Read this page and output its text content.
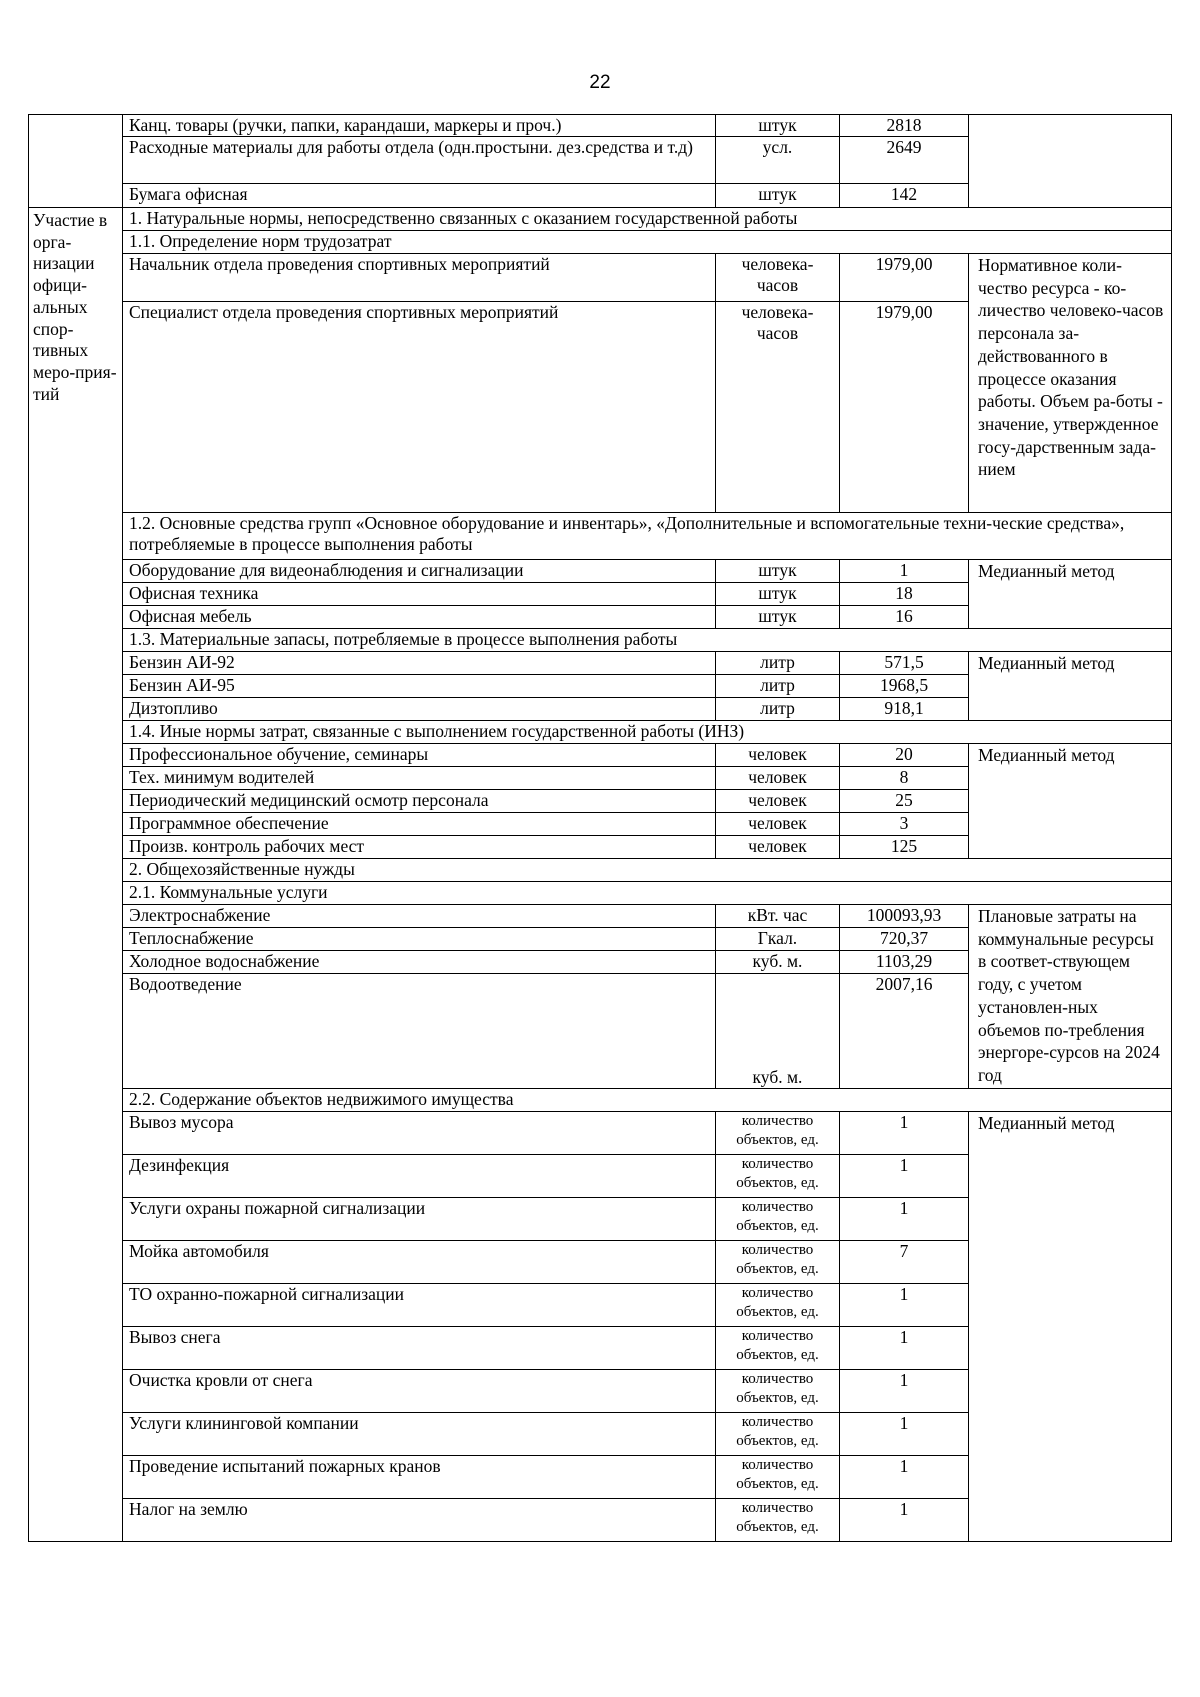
22
	Канц. товары (ручки, папки, карандаши, маркеры и проч.)	штук	2818	
	Расходные материалы для работы отдела (одн.простыни. дез.средства и т.д)	усл.	2649	
	Бумага офисная	штук	142	
Участие в орга-низации офици-альных спор-тивных меро-прия-тий	1. Натуральные нормы, непосредственно связанных с оказанием государственной работы			
	1.1. Определение норм трудозатрат			
	Начальник отдела проведения спортивных мероприятий	человека-часов	1979,00	Нормативное коли-чество ресурса - ко-личество человеко-часов персонала за-действованного в процессе оказания работы. Объем ра-боты - значение, утвержденное госу-дарственным зада-нием
	Специалист отдела проведения спортивных мероприятий	человека-часов	1979,00	
	1.2. Основные средства групп «Основное оборудование и инвентарь», «Дополнительные и вспомогательные техни-ческие средства», потребляемые в процессе выполнения работы			
	Оборудование для видеонаблюдения и сигнализации	штук	1	Медианный метод
	Офисная техника	штук	18	
	Офисная мебель	штук	16	
	1.3. Материальные запасы, потребляемые в процессе выполнения работы			
	Бензин АИ-92	литр	571,5	Медианный метод
	Бензин АИ-95	литр	1968,5	
	Дизтопливо	литр	918,1	
	1.4. Иные нормы затрат, связанные с выполнением государственной работы (ИНЗ)			
	Профессиональное обучение, семинары	человек	20	Медианный метод
	Тех. минимум водителей	человек	8	
	Периодический медицинский осмотр персонала	человек	25	
	Программное обеспечение	человек	3	
	Произв. контроль рабочих мест	человек	125	
	2. Общехозяйственные нужды			
	2.1. Коммунальные услуги			
	Электроснабжение	кВт. час	100093,93	Плановые затраты на коммунальные ресурсы в соответ-ствующем году, с учетом установлен-ных объемов по-требления энергоре-сурсов на 2024 год
	Теплоснабжение	Гкал.	720,37	
	Холодное водоснабжение	куб. м.	1103,29	
	Водоотведение	куб. м.	2007,16	
	2.2. Содержание объектов недвижимого имущества			
	Вывоз мусора	количество объектов, ед.	1	Медианный метод
	Дезинфекция	количество объектов, ед.	1	
	Услуги охраны пожарной сигнализации	количество объектов, ед.	1	
	Мойка автомобиля	количество объектов, ед.	7	
	ТО охранно-пожарной сигнализации	количество объектов, ед.	1	
	Вывоз снега	количество объектов, ед.	1	
	Очистка кровли от снега	количество объектов, ед.	1	
	Услуги клининговой компании	количество объектов, ед.	1	
	Проведение испытаний пожарных кранов	количество объектов, ед.	1	
	Налог на землю	количество объектов, ед.	1	
